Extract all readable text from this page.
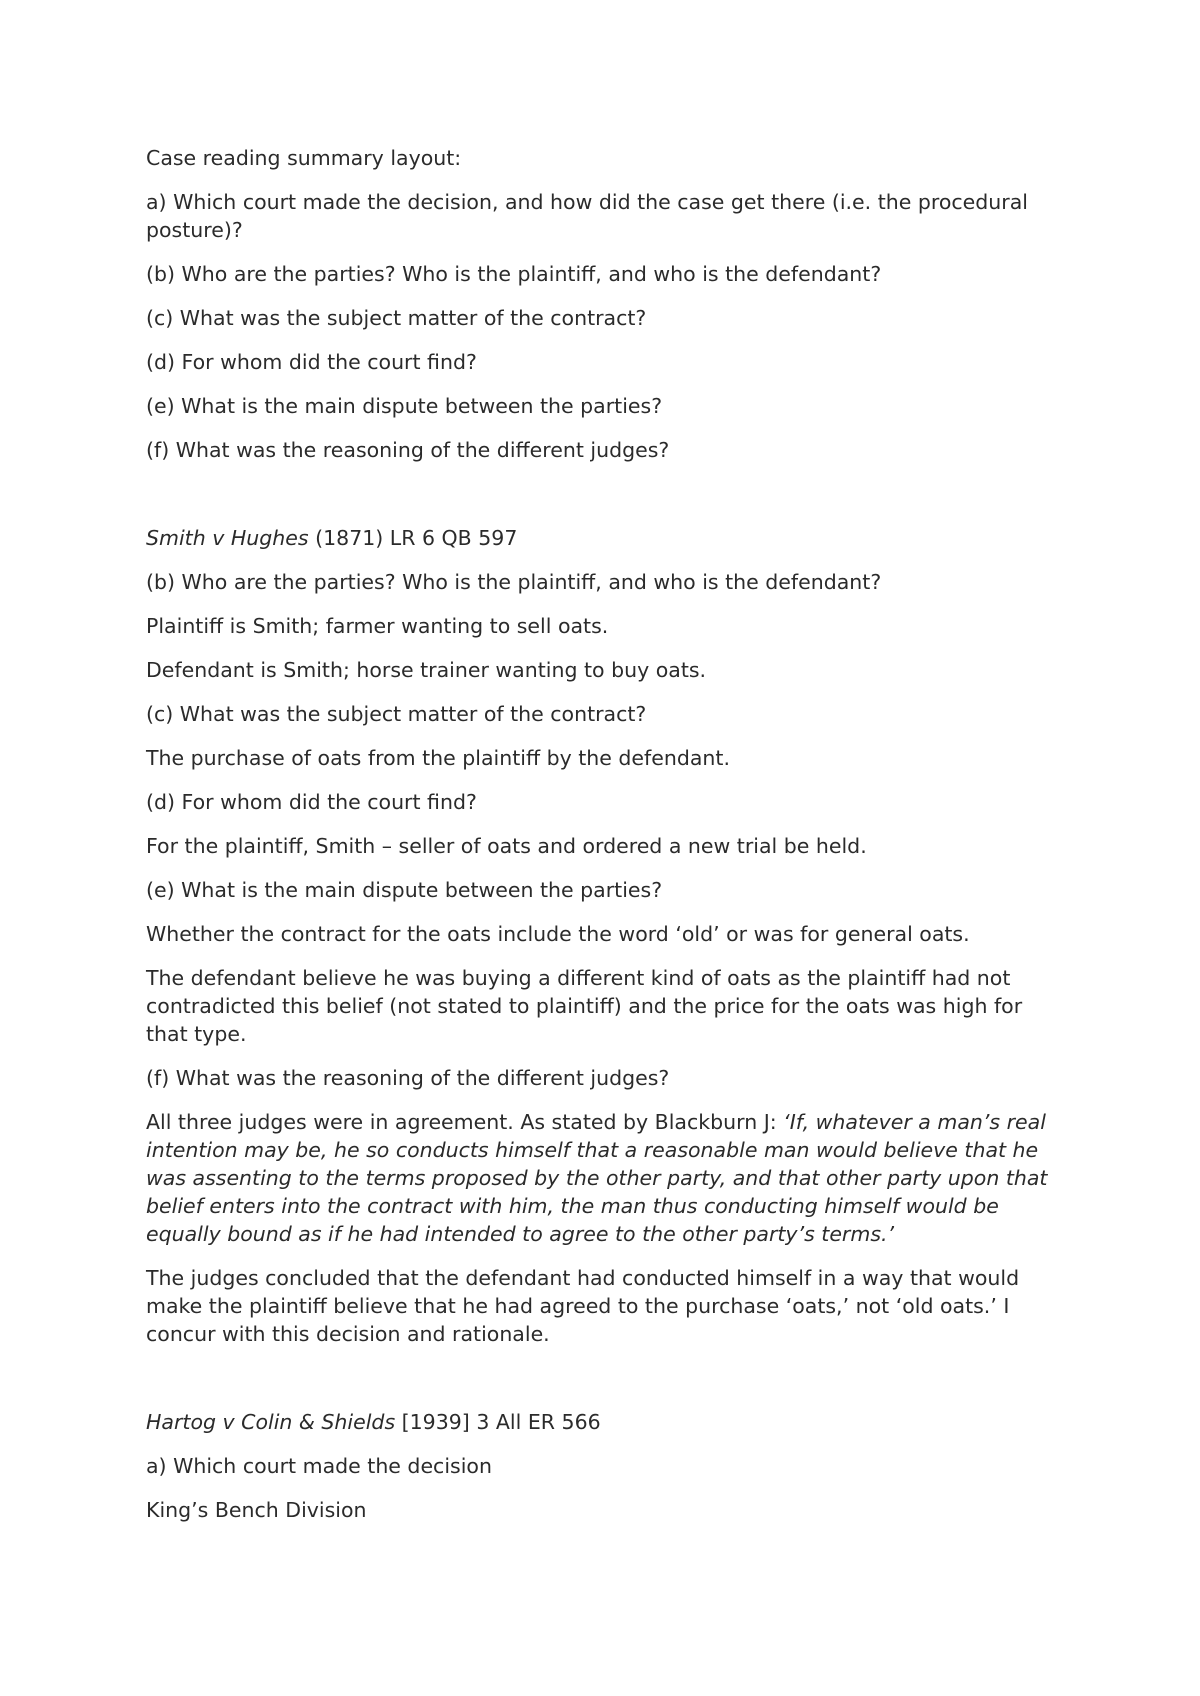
Case reading summary layout:

a) Which court made the decision, and how did the case get there (i.e. the procedural posture)?

(b) Who are the parties? Who is the plaintiff, and who is the defendant?

(c) What was the subject matter of the contract?

(d) For whom did the court find?

(e) What is the main dispute between the parties?

(f) What was the reasoning of the different judges?

Smith v Hughes (1871) LR 6 QB 597

(b) Who are the parties? Who is the plaintiff, and who is the defendant?

Plaintiff is Smith; farmer wanting to sell oats.

Defendant is Smith; horse trainer wanting to buy oats.

(c) What was the subject matter of the contract?

The purchase of oats from the plaintiff by the defendant.

(d) For whom did the court find?

For the plaintiff, Smith – seller of oats and ordered a new trial be held.

(e) What is the main dispute between the parties?

Whether the contract for the oats include the word ‘old’ or was for general oats.

The defendant believe he was buying a different kind of oats as the plaintiff had not contradicted this belief (not stated to plaintiff) and the price for the oats was high for that type.

(f) What was the reasoning of the different judges?

All three judges were in agreement. As stated by Blackburn J: ‘If, whatever a man’s real intention may be, he so conducts himself that a reasonable man would believe that he was assenting to the terms proposed by the other party, and that other party upon that belief enters into the contract with him, the man thus conducting himself would be equally bound as if he had intended to agree to the other party’s terms.’

The judges concluded that the defendant had conducted himself in a way that would make the plaintiff believe that he had agreed to the purchase ‘oats,’ not ‘old oats.’ I concur with this decision and rationale.

Hartog v Colin & Shields [1939] 3 All ER 566

a) Which court made the decision

King’s Bench Division
